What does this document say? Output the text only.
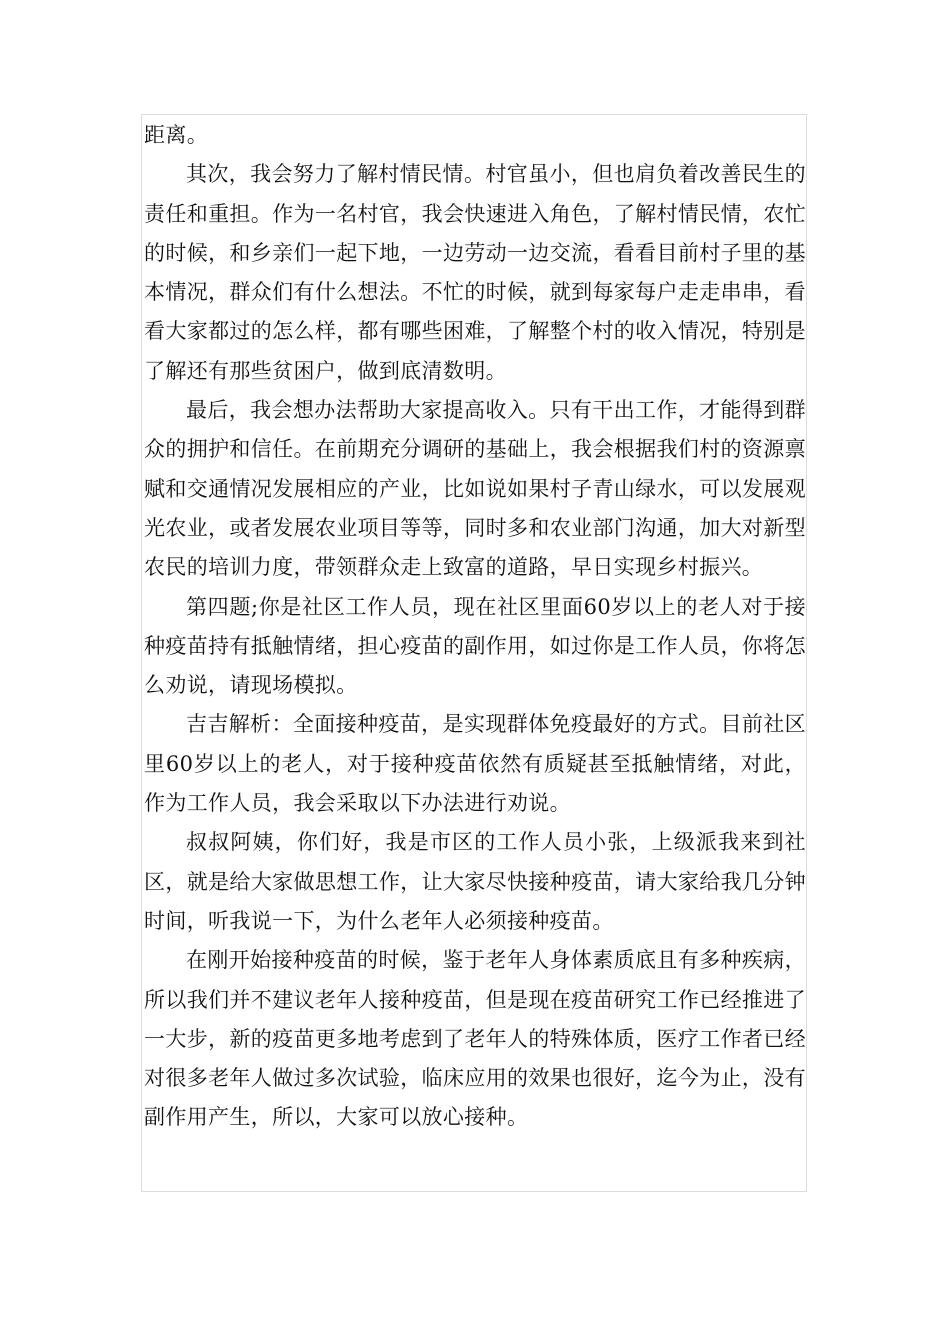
距离。

其次，我会努力了解村情民情。村官虽小，但也肩负着改善民生的责任和重担。作为一名村官，我会快速进入角色，了解村情民情，农忙的时候，和乡亲们一起下地，一边劳动一边交流，看看目前村子里的基本情况，群众们有什么想法。不忙的时候，就到每家每户走走串串，看看大家都过的怎么样，都有哪些困难，了解整个村的收入情况，特别是了解还有那些贫困户，做到底清数明。

最后，我会想办法帮助大家提高收入。只有干出工作，才能得到群众的拥护和信任。在前期充分调研的基础上，我会根据我们村的资源禀赋和交通情况发展相应的产业，比如说如果村子青山绿水，可以发展观光农业，或者发展农业项目等等，同时多和农业部门沟通，加大对新型农民的培训力度，带领群众走上致富的道路，早日实现乡村振兴。

第四题;你是社区工作人员，现在社区里面60岁以上的老人对于接种疫苗持有抵触情绪，担心疫苗的副作用，如过你是工作人员，你将怎么劝说，请现场模拟。

吉吉解析：全面接种疫苗，是实现群体免疫最好的方式。目前社区里60岁以上的老人，对于接种疫苗依然有质疑甚至抵触情绪，对此，作为工作人员，我会采取以下办法进行劝说。

叔叔阿姨，你们好，我是市区的工作人员小张，上级派我来到社区，就是给大家做思想工作，让大家尽快接种疫苗，请大家给我几分钟时间，听我说一下，为什么老年人必须接种疫苗。

在刚开始接种疫苗的时候，鉴于老年人身体素质底且有多种疾病，所以我们并不建议老年人接种疫苗，但是现在疫苗研究工作已经推进了一大步，新的疫苗更多地考虑到了老年人的特殊体质，医疗工作者已经对很多老年人做过多次试验，临床应用的效果也很好，迄今为止，没有副作用产生，所以，大家可以放心接种。
